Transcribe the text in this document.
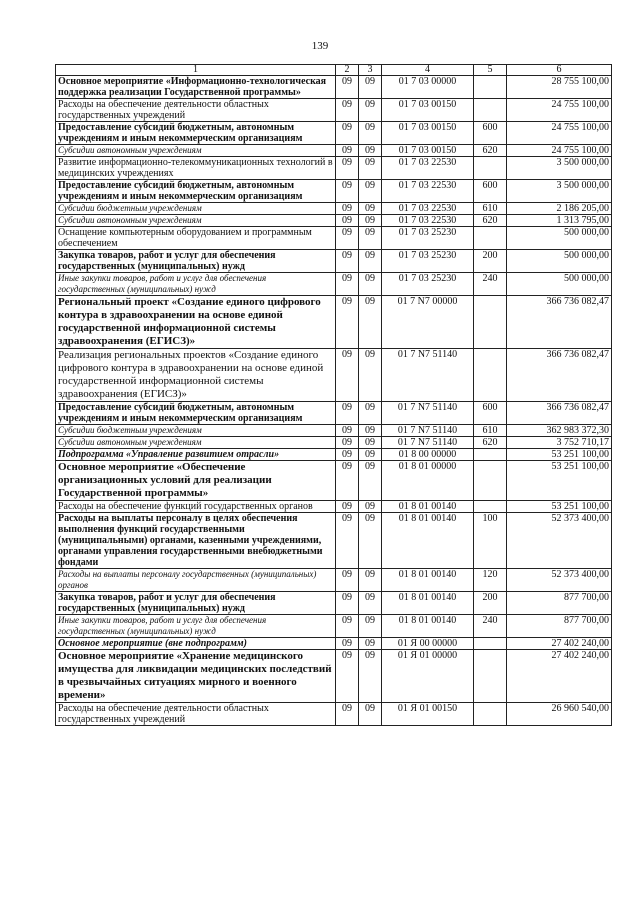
139
1	2	3	4	5	6
Основное мероприятие «Информационно-технологическая поддержка реализации Государственной программы»	09	09	01 7 03 00000		28 755 100,00
Расходы на обеспечение деятельности областных государственных учреждений	09	09	01 7 03 00150		24 755 100,00
Предоставление субсидий бюджетным, автономным учреждениям и иным некоммерческим организациям	09	09	01 7 03 00150	600	24 755 100,00
Субсидии автономным учреждениям	09	09	01 7 03 00150	620	24 755 100,00
Развитие информационно-телекоммуникационных технологий в медицинских учреждениях	09	09	01 7 03 22530		3 500 000,00
Предоставление субсидий бюджетным, автономным учреждениям и иным некоммерческим организациям	09	09	01 7 03 22530	600	3 500 000,00
Субсидии бюджетным учреждениям	09	09	01 7 03 22530	610	2 186 205,00
Субсидии автономным учреждениям	09	09	01 7 03 22530	620	1 313 795,00
Оснащение компьютерным оборудованием и программным обеспечением	09	09	01 7 03 25230		500 000,00
Закупка товаров, работ и услуг для обеспечения государственных (муниципальных) нужд	09	09	01 7 03 25230	200	500 000,00
Иные закупки товаров, работ и услуг для обеспечения государственных (муниципальных) нужд	09	09	01 7 03 25230	240	500 000,00
Региональный проект «Создание единого цифрового контура в здравоохранении на основе единой государственной информационной системы здравоохранения (ЕГИСЗ)»	09	09	01 7 N7 00000		366 736 082,47
Реализация региональных проектов «Создание единого цифрового контура в здравоохранении на основе единой государственной информационной системы здравоохранения (ЕГИСЗ)»	09	09	01 7 N7 51140		366 736 082,47
Предоставление субсидий бюджетным, автономным учреждениям и иным некоммерческим организациям	09	09	01 7 N7 51140	600	366 736 082,47
Субсидии бюджетным учреждениям	09	09	01 7 N7 51140	610	362 983 372,30
Субсидии автономным учреждениям	09	09	01 7 N7 51140	620	3 752 710,17
Подпрограмма «Управление развитием отрасли»	09	09	01 8 00 00000		53 251 100,00
Основное мероприятие «Обеспечение организационных условий для реализации Государственной программы»	09	09	01 8 01 00000		53 251 100,00
Расходы на обеспечение функций государственных органов	09	09	01 8 01 00140		53 251 100,00
Расходы на выплаты персоналу в целях обеспечения выполнения функций государственными (муниципальными) органами, казенными учреждениями, органами управления государственными внебюджетными фондами	09	09	01 8 01 00140	100	52 373 400,00
Расходы на выплаты персоналу государственных (муниципальных) органов	09	09	01 8 01 00140	120	52 373 400,00
Закупка товаров, работ и услуг для обеспечения государственных (муниципальных) нужд	09	09	01 8 01 00140	200	877 700,00
Иные закупки товаров, работ и услуг для обеспечения государственных (муниципальных) нужд	09	09	01 8 01 00140	240	877 700,00
Основное мероприятие (вне подпрограмм)	09	09	01 Я 00 00000		27 402 240,00
Основное мероприятие «Хранение медицинского имущества для ликвидации медицинских последствий в чрезвычайных ситуациях мирного и военного времени»	09	09	01 Я 01 00000		27 402 240,00
Расходы на обеспечение деятельности областных государственных учреждений	09	09	01 Я 01 00150		26 960 540,00
